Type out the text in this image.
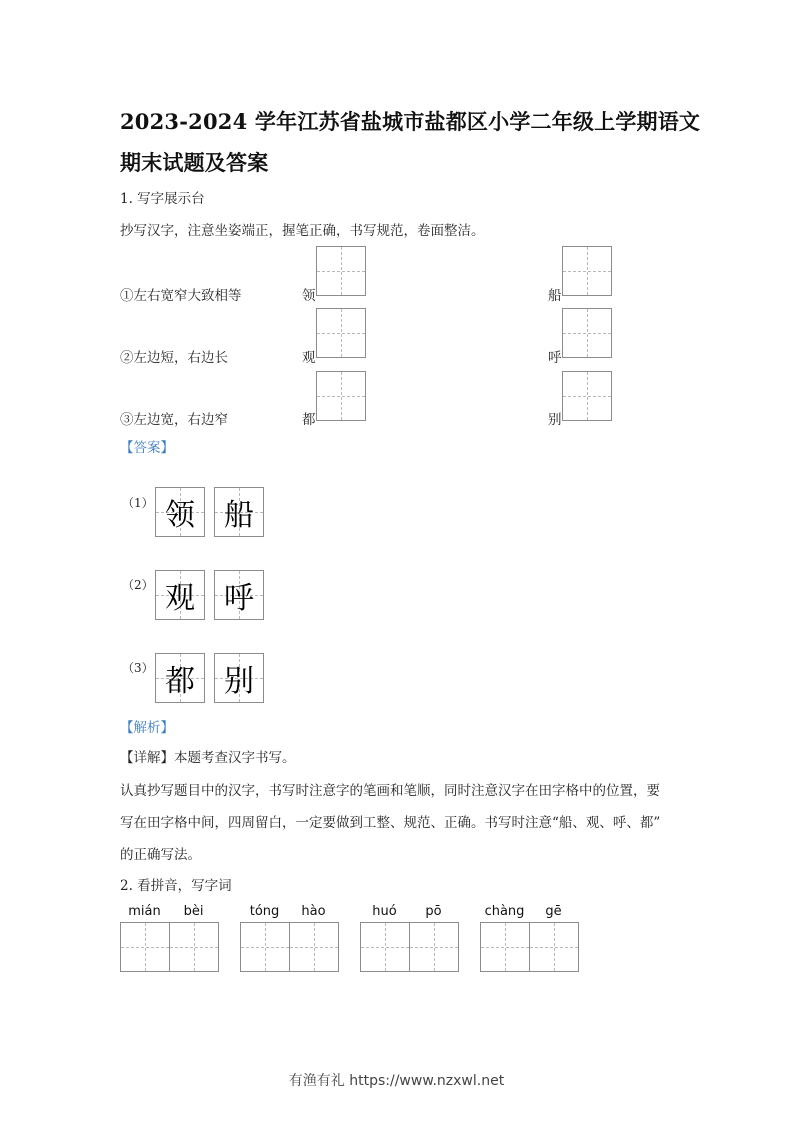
2023-2024 学年江苏省盐城市盐都区小学二年级上学期语文
期末试题及答案
1. 写字展示台
抄写汉字，注意坐姿端正，握笔正确，书写规范，卷面整洁。
①左右宽窄大致相等	领	船
②左边短，右边长	观	呼
③左边宽，右边窄	都	别
【答案】
（1） 领 船
（2） 观 呼
（3） 都 别
【解析】
【详解】本题考查汉字书写。
认真抄写题目中的汉字，书写时注意字的笔画和笔顺，同时注意汉字在田字格中的位置，要
写在田字格中间，四周留白，一定要做到工整、规范、正确。书写时注意“船、观、呼、都”
的正确写法。
2. 看拼音，写字词
mián	bèi	tóng	hào	huó	pō	chàng	gē
有渔有礼 https://www.nzxwl.net
